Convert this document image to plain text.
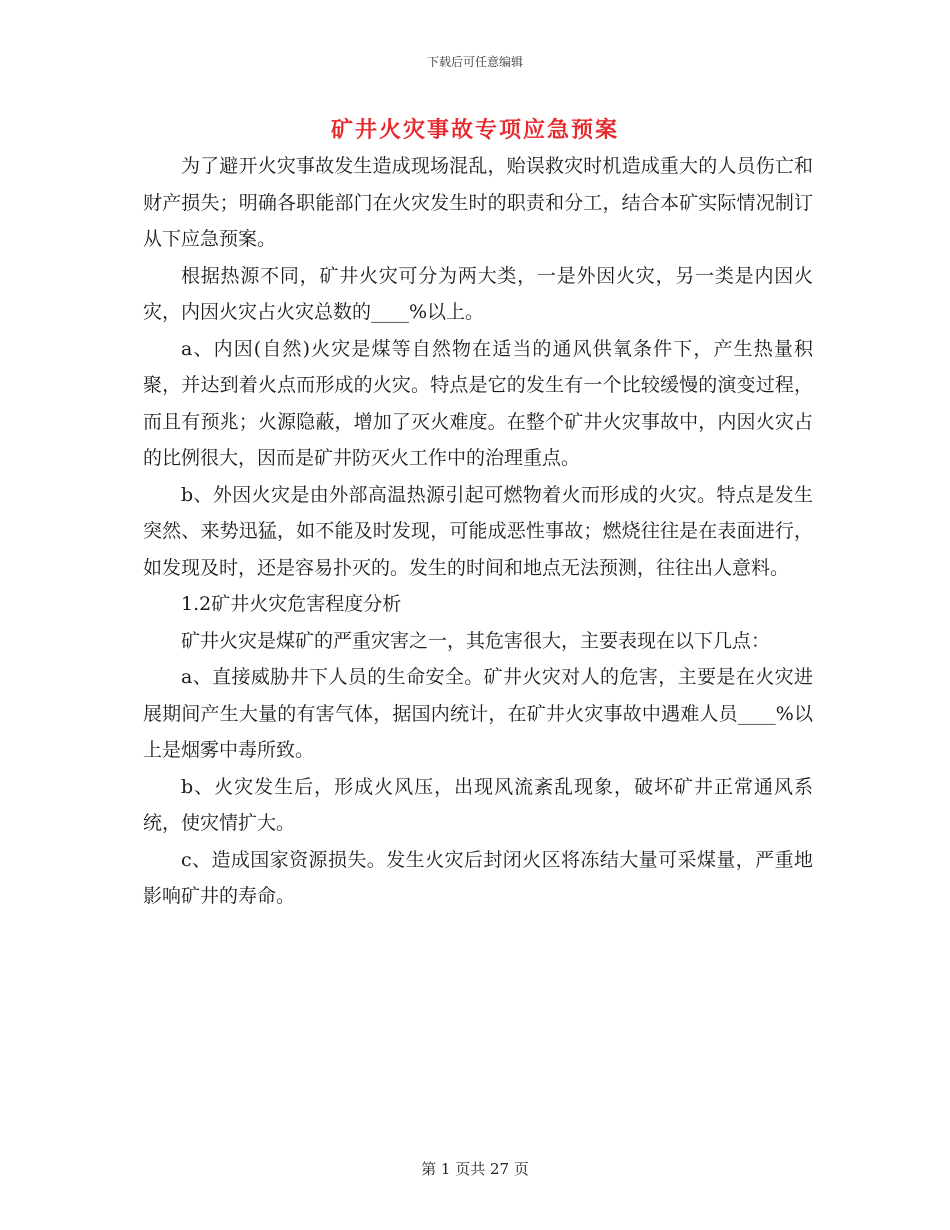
下载后可任意编辑
矿井火灾事故专项应急预案

为了避开火灾事故发生造成现场混乱，贻误救灾时机造成重大的人员伤亡和财产损失；明确各职能部门在火灾发生时的职责和分工，结合本矿实际情况制订从下应急预案。

根据热源不同，矿井火灾可分为两大类，一是外因火灾，另一类是内因火灾，内因火灾占火灾总数的____%以上。

a、内因(自然)火灾是煤等自然物在适当的通风供氧条件下，产生热量积聚，并达到着火点而形成的火灾。特点是它的发生有一个比较缓慢的演变过程，而且有预兆；火源隐蔽，增加了灭火难度。在整个矿井火灾事故中，内因火灾占的比例很大，因而是矿井防灭火工作中的治理重点。

b、外因火灾是由外部高温热源引起可燃物着火而形成的火灾。特点是发生突然、来势迅猛，如不能及时发现，可能成恶性事故；燃烧往往是在表面进行，如发现及时，还是容易扑灭的。发生的时间和地点无法预测，往往出人意料。

1.2矿井火灾危害程度分析

矿井火灾是煤矿的严重灾害之一，其危害很大，主要表现在以下几点：

a、直接威胁井下人员的生命安全。矿井火灾对人的危害，主要是在火灾进展期间产生大量的有害气体，据国内统计，在矿井火灾事故中遇难人员____%以上是烟雾中毒所致。

b、火灾发生后，形成火风压，出现风流紊乱现象，破坏矿井正常通风系统，使灾情扩大。

c、造成国家资源损失。发生火灾后封闭火区将冻结大量可采煤量，严重地影响矿井的寿命。

第 1 页共 27 页
